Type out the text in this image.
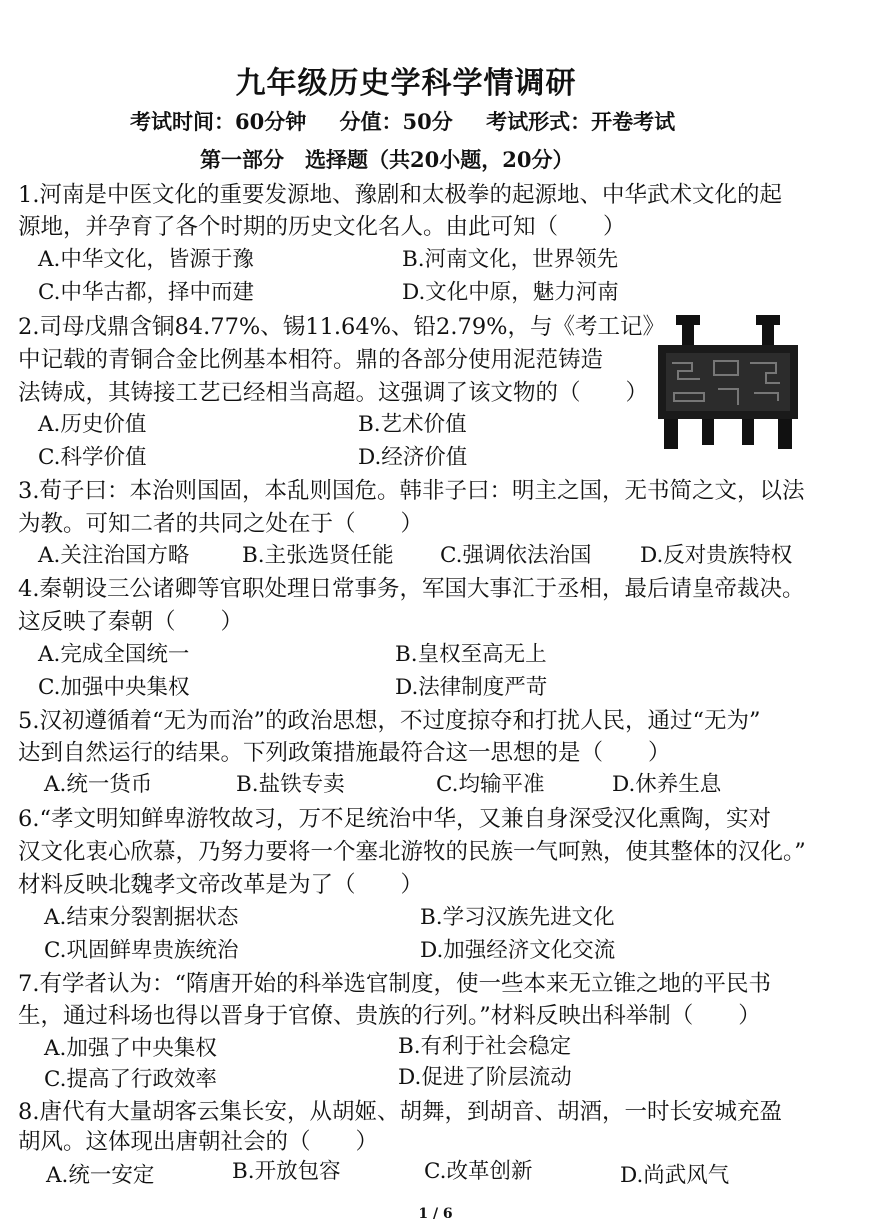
九年级历史学科学情调研
考试时间：60分钟 分值：50分 考试形式：开卷考试
第一部分　选择题（共20小题，20分）
1.河南是中医文化的重要发源地、豫剧和太极拳的起源地、中华武术文化的起
源地，并孕育了各个时期的历史文化名人。由此可知（　　）
A.中华文化，皆源于豫	B.河南文化，世界领先
C.中华古都，择中而建	D.文化中原，魅力河南
2.司母戊鼎含铜84.77%、锡11.64%、铅2.79%，与《考工记》
中记载的青铜合金比例基本相符。鼎的各部分使用泥范铸造
法铸成，其铸接工艺已经相当高超。这强调了该文物的（　　）
A.历史价值	B.艺术价值
C.科学价值	D.经济价值
3.荀子曰：本治则国固，本乱则国危。韩非子曰：明主之国，无书简之文，以法
为教。可知二者的共同之处在于（　　）
A.关注治国方略 B.主张选贤任能 C.强调依法治国 D.反对贵族特权
4.秦朝设三公诸卿等官职处理日常事务，军国大事汇于丞相，最后请皇帝裁决。
这反映了秦朝（　　）
A.完成全国统一	B.皇权至高无上
C.加强中央集权	D.法律制度严苛
5.汉初遵循着“无为而治”的政治思想，不过度掠夺和打扰人民，通过“无为”
达到自然运行的结果。下列政策措施最符合这一思想的是（　　）
A.统一货币	B.盐铁专卖	C.均输平准	D.休养生息
6.“孝文明知鲜卑游牧故习，万不足统治中华，又兼自身深受汉化熏陶，实对
汉文化衷心欣慕，乃努力要将一个塞北游牧的民族一气呵熟，使其整体的汉化。”
材料反映北魏孝文帝改革是为了（　　）
A.结束分裂割据状态	B.学习汉族先进文化
C.巩固鲜卑贵族统治	D.加强经济文化交流
7.有学者认为：“隋唐开始的科举选官制度，使一些本来无立锥之地的平民书
生，通过科场也得以晋身于官僚、贵族的行列。”材料反映出科举制（　　）
A.加强了中央集权	B.有利于社会稳定
C.提高了行政效率	D.促进了阶层流动
8.唐代有大量胡客云集长安，从胡姬、胡舞，到胡音、胡酒，一时长安城充盈
胡风。这体现出唐朝社会的（　　）
A.统一安定	B.开放包容	C.改革创新	D.尚武风气
1 / 6
